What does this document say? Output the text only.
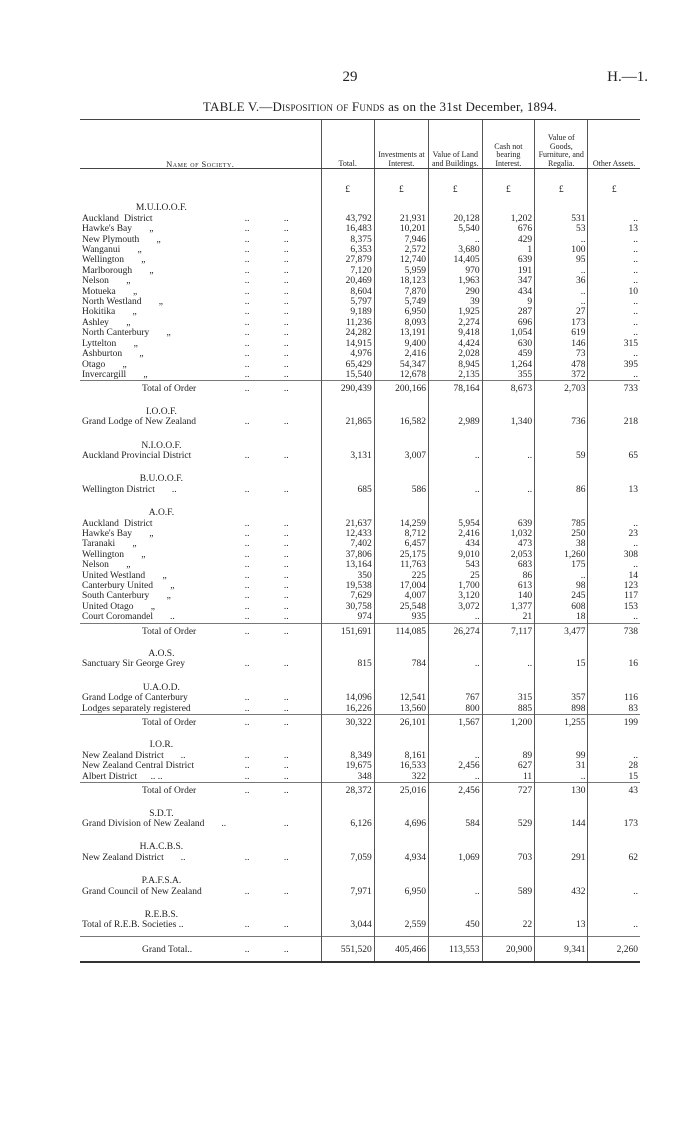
29	H.—1.
TABLE V.—Disposition of Funds as on the 31st December, 1894.
Name of Society.			Total.	Investments at Interest.	Value of Land and Buildings.	Cash not bearing Interest.	Value of Goods, Furniture, and Regalia.	Other Assets.
			£	£	£	£	£	£
M.U.I.O.O.F.								
Auckland District	..	..	43,792	21,931	20,128	1,202	531	..
Hawke's Bay „	..	..	16,483	10,201	5,540	676	53	13
New Plymouth „	..	..	8,375	7,946	..	429	..	..
Wanganui „	..	..	6,353	2,572	3,680	1	100	..
Wellington „	..	..	27,879	12,740	14,405	639	95	..
Marlborough „	..	..	7,120	5,959	970	191	..	..
Nelson „	..	..	20,469	18,123	1,963	347	36	..
Motueka „	..	..	8,604	7,870	290	434	..	10
North Westland „	..	..	5,797	5,749	39	9	..	..
Hokitika „	..	..	9,189	6,950	1,925	287	27	..
Ashley „	..	..	11,236	8,093	2,274	696	173	..
North Canterbury „	..	..	24,282	13,191	9,418	1,054	619	..
Lyttelton „	..	..	14,915	9,400	4,424	630	146	315
Ashburton „	..	..	4,976	2,416	2,028	459	73	..
Otago „	..	..	65,429	54,347	8,945	1,264	478	395
Invercargill „	..	..	15,540	12,678	2,135	355	372	..
Total of Order	..	..	290,439	200,166	78,164	8,673	2,703	733
I.O.O.F.								
Grand Lodge of New Zealand	..	..	21,865	16,582	2,989	1,340	736	218

N.I.O.O.F.								
Auckland Provincial District	..	..	3,131	3,007	..	..	59	65

B.U.O.O.F.								
Wellington District ..	..	..	685	586	..	..	86	13

A.O.F.								
Auckland District	..	..	21,637	14,259	5,954	639	785	..
Hawke's Bay „	..	..	12,433	8,712	2,416	1,032	250	23
Taranaki „	..	..	7,402	6,457	434	473	38	..
Wellington „	..	..	37,806	25,175	9,010	2,053	1,260	308
Nelson „	..	..	13,164	11,763	543	683	175	..
United Westland „	..	..	350	225	25	86	..	14
Canterbury United „	..	..	19,538	17,004	1,700	613	98	123
South Canterbury „	..	..	7,629	4,007	3,120	140	245	117
United Otago „	..	..	30,758	25,548	3,072	1,377	608	153
Court Coromandel ..	..	..	974	935	..	21	18	..
Total of Order	..	..	151,691	114,085	26,274	7,117	3,477	738
A.O.S.								
Sanctuary Sir George Grey	..	..	815	784	..	..	15	16

U.A.O.D.								
Grand Lodge of Canterbury	..	..	14,096	12,541	767	315	357	116
Lodges separately registered	..	..	16,226	13,560	800	885	898	83
Total of Order	..	..	30,322	26,101	1,567	1,200	1,255	199
I.O.R.								
New Zealand District ..	..	..	8,349	8,161	..	89	99	..
New Zealand Central District	..	..	19,675	16,533	2,456	627	31	28
Albert District .. ..	..	..	348	322	..	11	..	15
Total of Order	..	..	28,372	25,016	2,456	727	130	43
S.D.T.								
Grand Division of New Zealand ..		..	6,126	4,696	584	529	144	173

H.A.C.B.S.								
New Zealand District ..	..	..	7,059	4,934	1,069	703	291	62

P.A.F.S.A.								
Grand Council of New Zealand	..	..	7,971	6,950	..	589	432	..

R.E.B.S.								
Total of R.E.B. Societies ..	..	..	3,044	2,559	450	22	13	..

Grand Total..	..	..	551,520	405,466	113,553	20,900	9,341	2,260
